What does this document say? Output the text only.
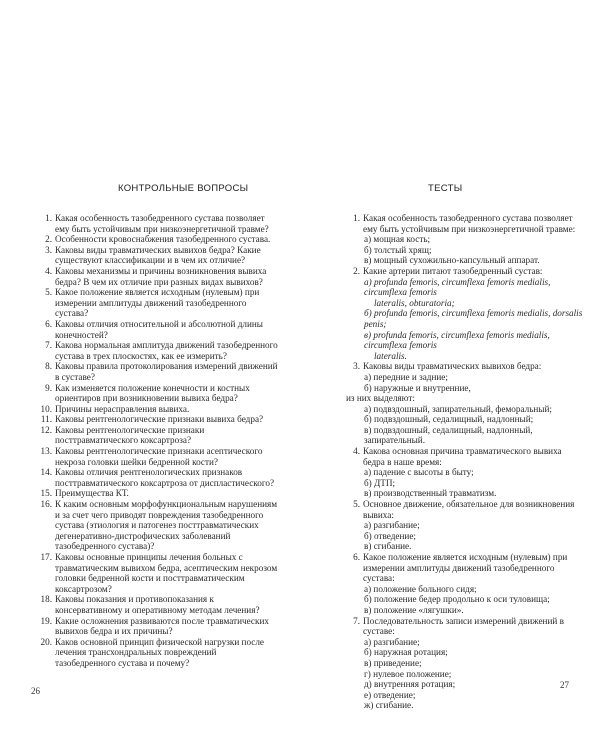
КОНТРОЛЬНЫЕ ВОПРОСЫ
1. Какая особенность тазобедренного сустава позволяет ему быть устойчивым при низкоэнергетичной травме?
2. Особенности кровоснабжения тазобедренного сустава.
3. Каковы виды травматических вывихов бедра? Какие существуют классификации и в чем их отличие?
4. Каковы механизмы и причины возникновения вывиха бедра? В чем их отличие при разных видах вывихов?
5. Какое положение является исходным (нулевым) при измерении амплитуды движений тазобедренного сустава?
6. Каковы отличия относительной и абсолютной длины конечностей?
7. Какова нормальная амплитуда движений тазобедренного сустава в трех плоскостях, как ее измерить?
8. Каковы правила протоколирования измерений движений в суставе?
9. Как изменяется положение конечности и костных ориентиров при возникновении вывиха бедра?
10. Причины нерасправления вывиха.
11. Каковы рентгенологические признаки вывиха бедра?
12. Каковы рентгенологические признаки посттравматического коксартроза?
13. Каковы рентгенологические признаки асептического некроза головки шейки бедренной кости?
14. Каковы отличия рентгенологических признаков посттравматического коксартроза от диспластического?
15. Преимущества КТ.
16. К каким основным морфофункциональным нарушениям и за счет чего приводят повреждения тазобедренного сустава (этиология и патогенез посттравматических дегенеративно-дистрофических заболеваний тазобедренного сустава)?
17. Каковы основные принципы лечения больных с травматическим вывихом бедра, асептическим некрозом головки бедренной кости и посттравматическим коксартрозом?
18. Каковы показания и противопоказания к консервативному и оперативному методам лечения?
19. Какие осложнения развиваются после травматических вывихов бедра и их причины?
20. Каков основной принцип физической нагрузки после лечения трансхондральных повреждений тазобедренного сустава и почему?
26
ТЕСТЫ
1. Какая особенность тазобедренного сустава позволяет ему быть устойчивым при низкоэнергетичной травме:
а) мощная кость;
б) толстый хрящ;
в) мощный сухожильно-капсульный аппарат.
2. Какие артерии питают тазобедренный сустав:
а) profunda femoris, circumflexa femoris medialis, circumflexa femoris
lateralis, obturatoria;
б) profunda femoris, circumflexa femoris medialis, dorsalis penis;
в) profunda femoris, circumflexa femoris medialis, circumflexa femoris
lateralis.
3. Каковы виды травматических вывихов бедра:
а) передние и задние;
б) наружные и внутренние,
из них выделяют:
а) подвздошный, запирательный, феморальный;
б) подвздошный, седалищный, надлонный;
в) подвздошный, седалищный, надлонный, запирательный.
4. Какова основная причина травматического вывиха бедра в наше время:
а) падение с высоты в быту;
б) ДТП;
в) производственный травматизм.
5. Основное движение, обязательное для возникновения вывиха:
а) разгибание;
б) отведение;
в) сгибание.
6. Какое положение является исходным (нулевым) при измерении амплитуды движений тазобедренного сустава:
а) положение больного сидя;
б) положение бедер продольно к оси туловища;
в) положение «лягушки».
7. Последовательность записи измерений движений в суставе:
а) разгибание;
б) наружная ротация;
в) приведение;
г) нулевое положение;
д) внутренняя ротация;
е) отведение;
ж) сгибание.
27
